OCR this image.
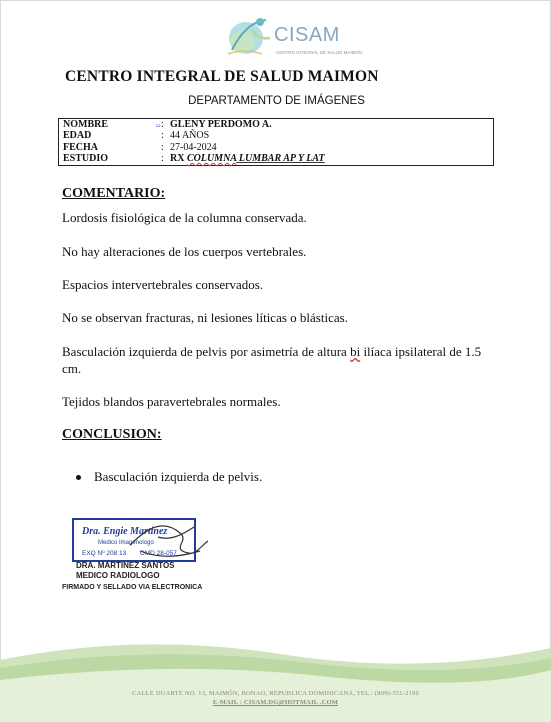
CISAM
CENTRO INTEGRAL DE SALUD MAIMON
CENTRO INTEGRAL DE SALUD MAIMON
DEPARTAMENTO DE IMÁGENES
NOMBRE	ꞷ : GLENY PERDOMO A.
EDAD	: 44 AÑOS
FECHA	: 27-04-2024
ESTUDIO	: RX COLUMNA LUMBAR AP Y LAT
COMENTARIO:
Lordosis fisiológica de la columna conservada.
No hay alteraciones de los cuerpos vertebrales.
Espacios intervertebrales conservados.
No se observan fracturas, ni lesiones líticas o blásticas.
Basculación izquierda de pelvis por asimetría de altura bi ilíaca ipsilateral de 1.5 cm.
Tejidos blandos paravertebrales normales.
CONCLUSION:
Basculación izquierda de pelvis.
Dra. Engie Martinez
Medico Imagenologo
EXQ Nº 208 13 CMD 28-057
DRA. MARTINEZ SANTOS
MEDICO RADIOLOGO
FIRMADO Y SELLADO VIA ELECTRONICA
CALLE DUARTE NO. 13, MAIMÓN, BONAO, REPUBLICA DOMINICANA, TEL.: (809)-551-2196
E-MAIL : CISAM.DG@HOTMAIL .COM
